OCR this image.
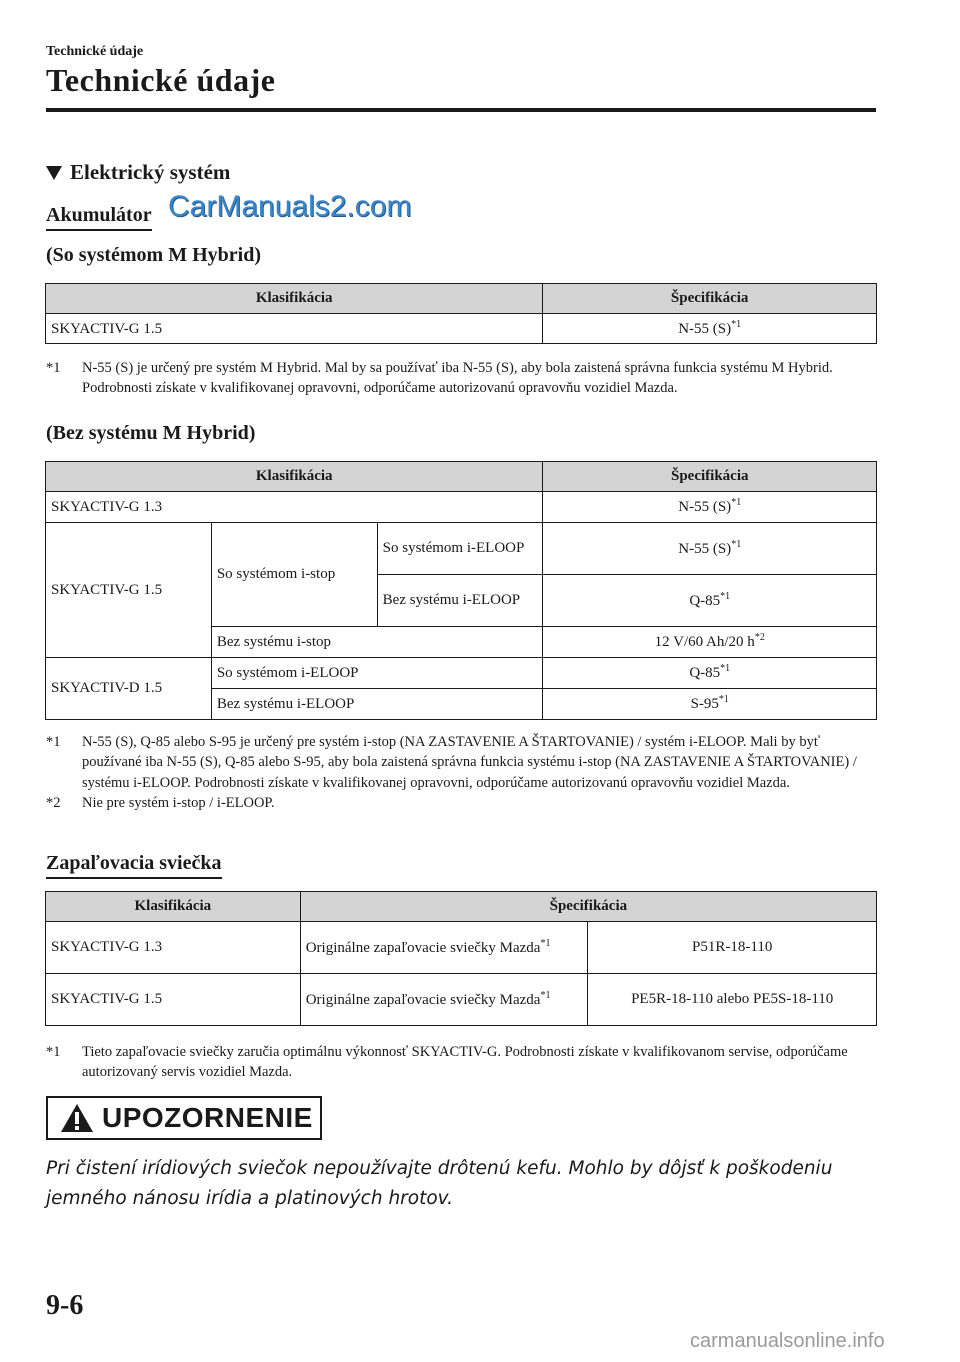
Technické údaje
Technické údaje
Elektrický systém
Akumulátor CarManuals2.com
(So systémom M Hybrid)
Klasifikácia	Špecifikácia
SKYACTIV-G 1.5	N-55 $(S)^{*1}$
*1	N-55 (S) je určený pre systém M Hybrid. Mal by sa používať iba N-55 (S), aby bola zaistená správna funkcia systému M Hybrid. Podrobnosti získate v kvalifikovanej opravovni, odporúčame autorizovanú opravovňu vozidiel Mazda.
(Bez systému M Hybrid)
Klasifikácia			Špecifikácia
SKYACTIV-G 1.3			N-55 $(S)^{*1}$
SKYACTIV-G 1.5	So systémom i-stop	So systémom i-ELOOP	N-55 $(S)^{*1}$
		Bez systému i-ELOOP	Q-85$^{*1}$
	Bez systému i-stop		12 V/60 Ah/20 $h^{*2}$
SKYACTIV-D 1.5	So systémom i-ELOOP		Q-85$^{*1}$
	Bez systému i-ELOOP		S-95$^{*1}$
*1	N-55 (S), Q-85 alebo S-95 je určený pre systém i-stop (NA ZASTAVENIE A ŠTARTOVANIE) / systém i-ELOOP. Mali by byť používané iba N-55 (S), Q-85 alebo S-95, aby bola zaistená správna funkcia systému i-stop (NA ZASTAVENIE A ŠTARTOVANIE) / systému i-ELOOP. Podrobnosti získate v kvalifikovanej opravovni, odporúčame autorizovanú opravovňu vozidiel Mazda.
*2	Nie pre systém i-stop / i-ELOOP.
Zapaľovacia sviečka
Klasifikácia	Špecifikácia	
SKYACTIV-G 1.3	Originálne zapaľovacie sviečky Mazda$^{*1}$	P51R-18-110
SKYACTIV-G 1.5	Originálne zapaľovacie sviečky Mazda$^{*1}$	PE5R-18-110 alebo PE5S-18-110
*1	Tieto zapaľovacie sviečky zaručia optimálnu výkonnosť SKYACTIV-G. Podrobnosti získate v kvalifikovanom servise, odporúčame autorizovaný servis vozidiel Mazda.
UPOZORNENIE
Pri čistení irídiových sviečok nepoužívajte drôtenú kefu. Mohlo by dôjsť k poškodeniu jemného nánosu irídia a platinových hrotov.
9-6
carmanualsonline.info
